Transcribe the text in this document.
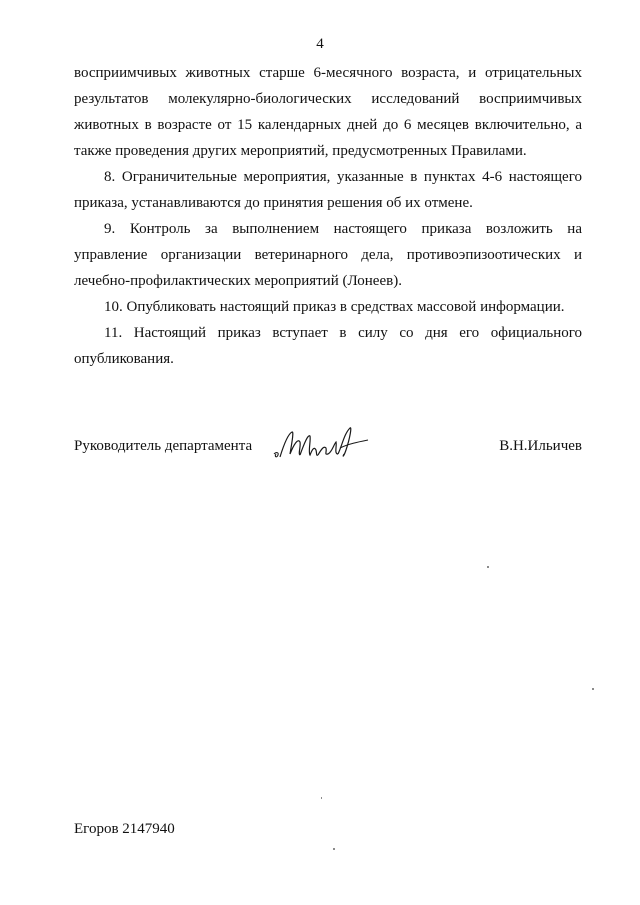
4
восприимчивых животных старше 6-месячного возраста, и отрицательных
результатов молекулярно-биологических исследований восприимчивых
животных в возрасте от 15 календарных дней до 6 месяцев включительно, а
также проведения других мероприятий, предусмотренных Правилами.
8. Ограничительные мероприятия, указанные в пунктах 4-6 настоящего
приказа, устанавливаются до принятия решения об их отмене.
9. Контроль за выполнением настоящего приказа возложить на
управление организации ветеринарного дела, противоэпизоотических и
лечебно-профилактических мероприятий (Лонеев).
10. Опубликовать настоящий приказ в средствах массовой информации.
11. Настоящий приказ вступает в силу со дня его официального
опубликования.
Руководитель департамента	В.Н.Ильичев
Егоров 2147940
